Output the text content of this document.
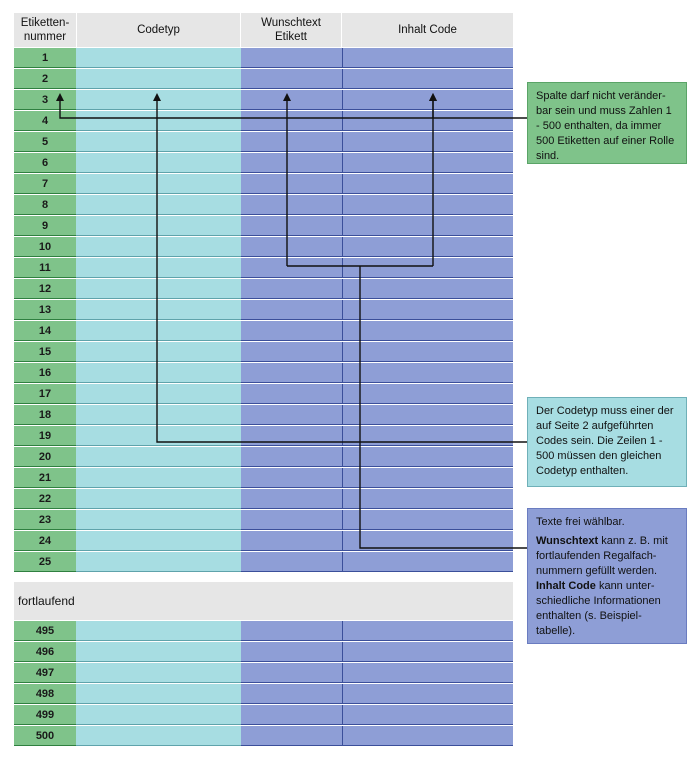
Etiketten-
nummer
Codetyp
Wunschtext
Etikett
Inhalt Code
1
2
3
4
5
6
7
8
9
10
11
12
13
14
15
16
17
18
19
20
21
22
23
24
25
fortlaufend
495
496
497
498
499
500

Spalte darf nicht veränder-bar sein und muss Zahlen 1 - 500 enthalten, da immer 500 Etiketten auf einer Rolle sind.

Der Codetyp muss einer der auf Seite 2 aufgeführten Codes sein. Die Zeilen 1 - 500 müssen den gleichen Codetyp enthalten.

Texte frei wählbar.

Wunschtext kann z. B. mit fortlaufenden Regalfach-nummern gefüllt werden.

Inhalt Code kann unter-schiedliche Informationen enthalten (s. Beispiel-tabelle).
